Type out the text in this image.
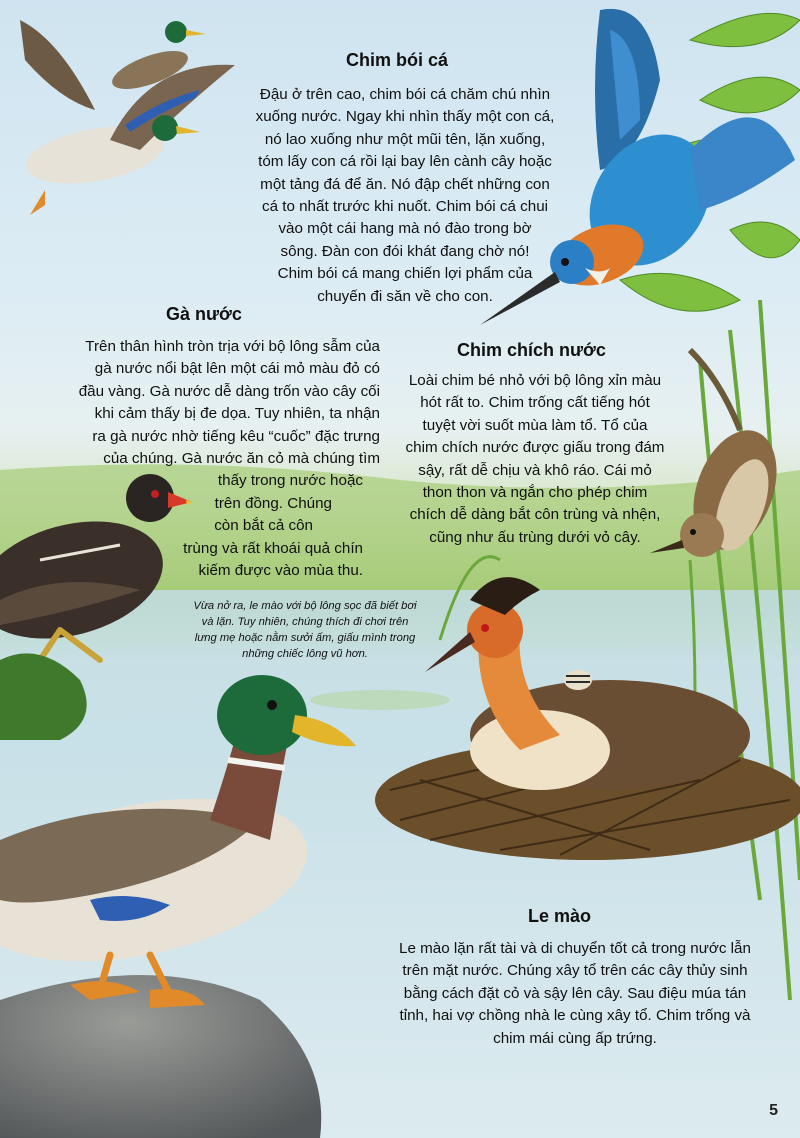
Chim bói cá

Đậu ở trên cao, chim bói cá chăm chú nhìn
xuống nước. Ngay khi nhìn thấy một con cá,
nó lao xuống như một mũi tên, lặn xuống,
tóm lấy con cá rồi lại bay lên cành cây hoặc
một tảng đá để ăn. Nó đập chết những con
cá to nhất trước khi nuốt. Chim bói cá chui
vào một cái hang mà nó đào trong bờ
sông. Đàn con đói khát đang chờ nó!
Chim bói cá mang chiến lợi phẩm của
chuyến đi săn về cho con.

Gà nước

Trên thân hình tròn trịa với bộ lông sẫm của
gà nước nổi bật lên một cái mỏ màu đỏ có
đầu vàng. Gà nước dễ dàng trốn vào cây cối
khi cảm thấy bị đe dọa. Tuy nhiên, ta nhận
ra gà nước nhờ tiếng kêu “cuốc” đặc trưng
của chúng. Gà nước ăn cỏ mà chúng tìm
thấy trong nước hoặc
trên đồng. Chúng
còn bắt cả côn
trùng và rất khoái quả chín
kiếm được vào mùa thu.

Chim chích nước

Loài chim bé nhỏ với bộ lông xỉn màu
hót rất to. Chim trống cất tiếng hót
tuyệt vời suốt mùa làm tổ. Tổ của
chim chích nước được giấu trong đám
sậy, rất dễ chịu và khô ráo. Cái mỏ
thon thon và ngắn cho phép chim
chích dễ dàng bắt côn trùng và nhện,
cũng như ấu trùng dưới vỏ cây.

Vừa nở ra, le mào với bộ lông sọc đã biết bơi
và lặn. Tuy nhiên, chúng thích đi chơi trên
lưng mẹ hoặc nằm sưởi ấm, giấu mình trong
những chiếc lông vũ hơn.

Le mào

Le mào lặn rất tài và di chuyển tốt cả trong nước lẫn
trên mặt nước. Chúng xây tổ trên các cây thủy sinh
bằng cách đặt cỏ và sậy lên cây. Sau điệu múa tán
tỉnh, hai vợ chồng nhà le cùng xây tổ. Chim trống và
chim mái cùng ấp trứng.

5
